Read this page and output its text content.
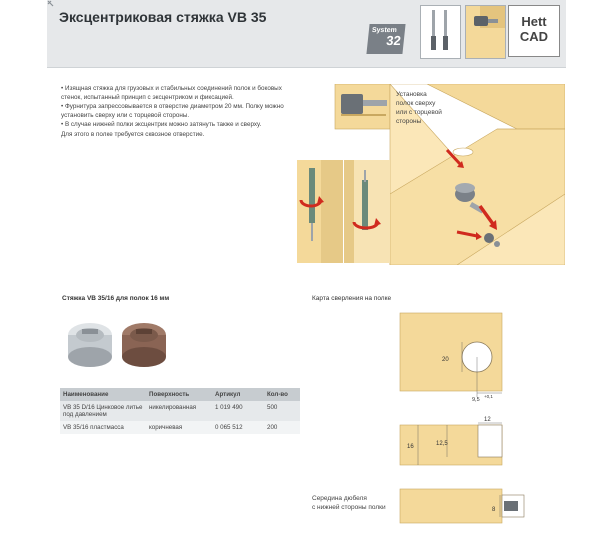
Эксцентриковая стяжка VB 35
System
32
Hett
CAD

• Изящная стяжка для грузовых и стабильных соединений полок и боковых стенок, испытанный принцип с эксцентриком и фиксацией.

• Фурнитура запрессовывается в отверстие диаметром 20 мм. Полку можно установить сверху или с торцевой стороны.

• В случае нижней полки эксцентрик можно затянуть также и сверху.

Для этого в полке требуется сквозное отверстие.

Установка
полок сверху
или с торцевой
стороны
Стяжка VB 35/16 для полок 16 мм	Карта сверления на полке
Наименование	Поверхность	Артикул	Кол-во
VB 35 D/16 Цинковое литье под давлением	никелированная	1 019 490	500
VB 35/16 пластмасса	коричневая	0 065 512	200
20
9,5
+0,1
12
16	12,5
8
Середина дюбеля
с нижней стороны полки
